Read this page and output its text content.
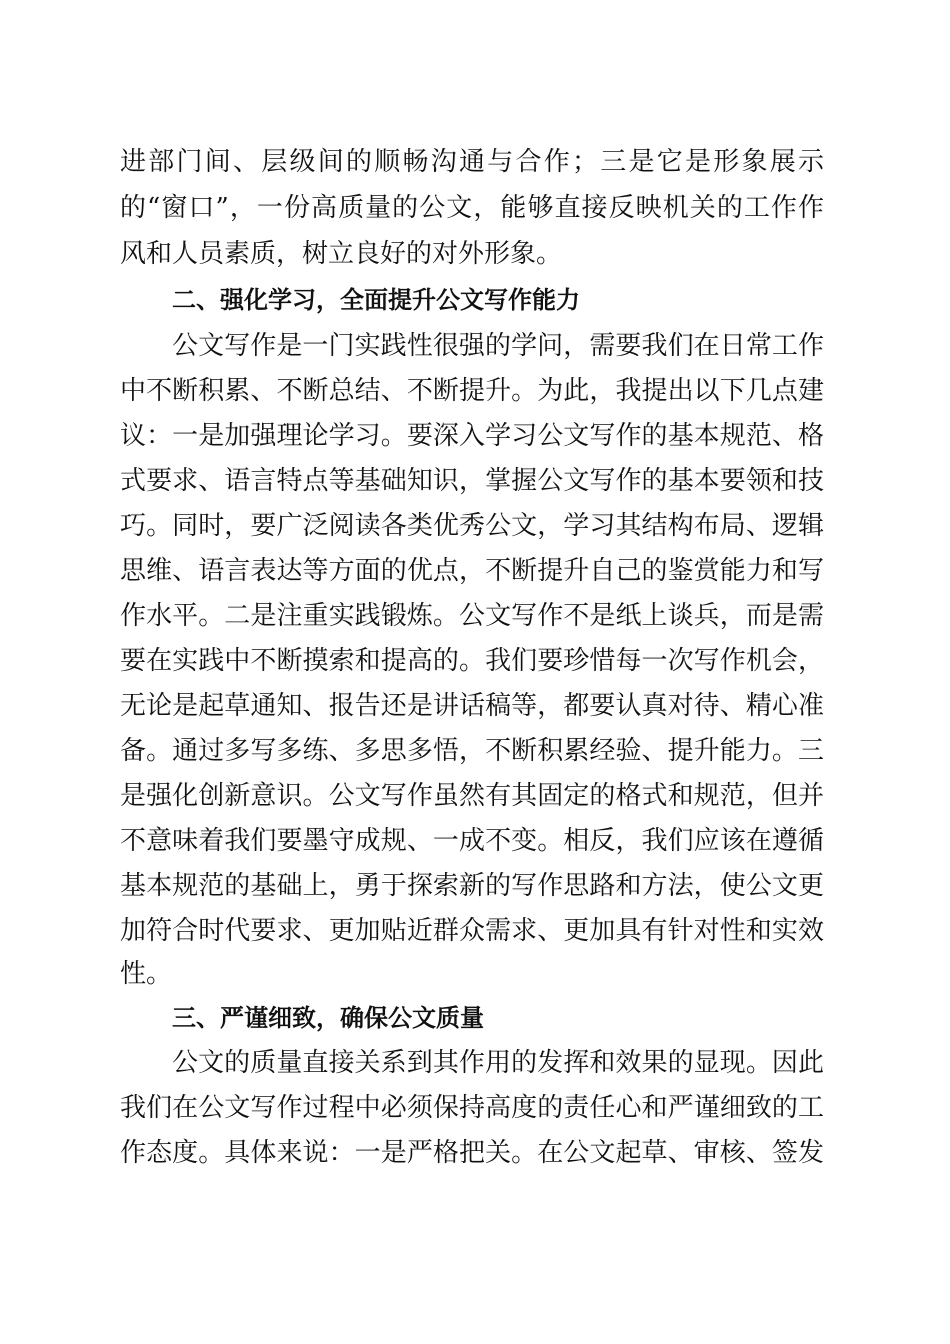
进部门间、层级间的顺畅沟通与合作；三是它是形象展示
的“窗口”，一份高质量的公文，能够直接反映机关的工作作
风和人员素质，树立良好的对外形象。
二、强化学习，全面提升公文写作能力
公文写作是一门实践性很强的学问，需要我们在日常工作
中不断积累、不断总结、不断提升。为此，我提出以下几点建
议：一是加强理论学习。要深入学习公文写作的基本规范、格
式要求、语言特点等基础知识，掌握公文写作的基本要领和技
巧。同时，要广泛阅读各类优秀公文，学习其结构布局、逻辑
思维、语言表达等方面的优点，不断提升自己的鉴赏能力和写
作水平。二是注重实践锻炼。公文写作不是纸上谈兵，而是需
要在实践中不断摸索和提高的。我们要珍惜每一次写作机会，
无论是起草通知、报告还是讲话稿等，都要认真对待、精心准
备。通过多写多练、多思多悟，不断积累经验、提升能力。三
是强化创新意识。公文写作虽然有其固定的格式和规范，但并
不意味着我们要墨守成规、一成不变。相反，我们应该在遵循
基本规范的基础上，勇于探索新的写作思路和方法，使公文更
加符合时代要求、更加贴近群众需求、更加具有针对性和实效
性。
三、严谨细致，确保公文质量
公文的质量直接关系到其作用的发挥和效果的显现。因此
我们在公文写作过程中必须保持高度的责任心和严谨细致的工
作态度。具体来说：一是严格把关。在公文起草、审核、签发
